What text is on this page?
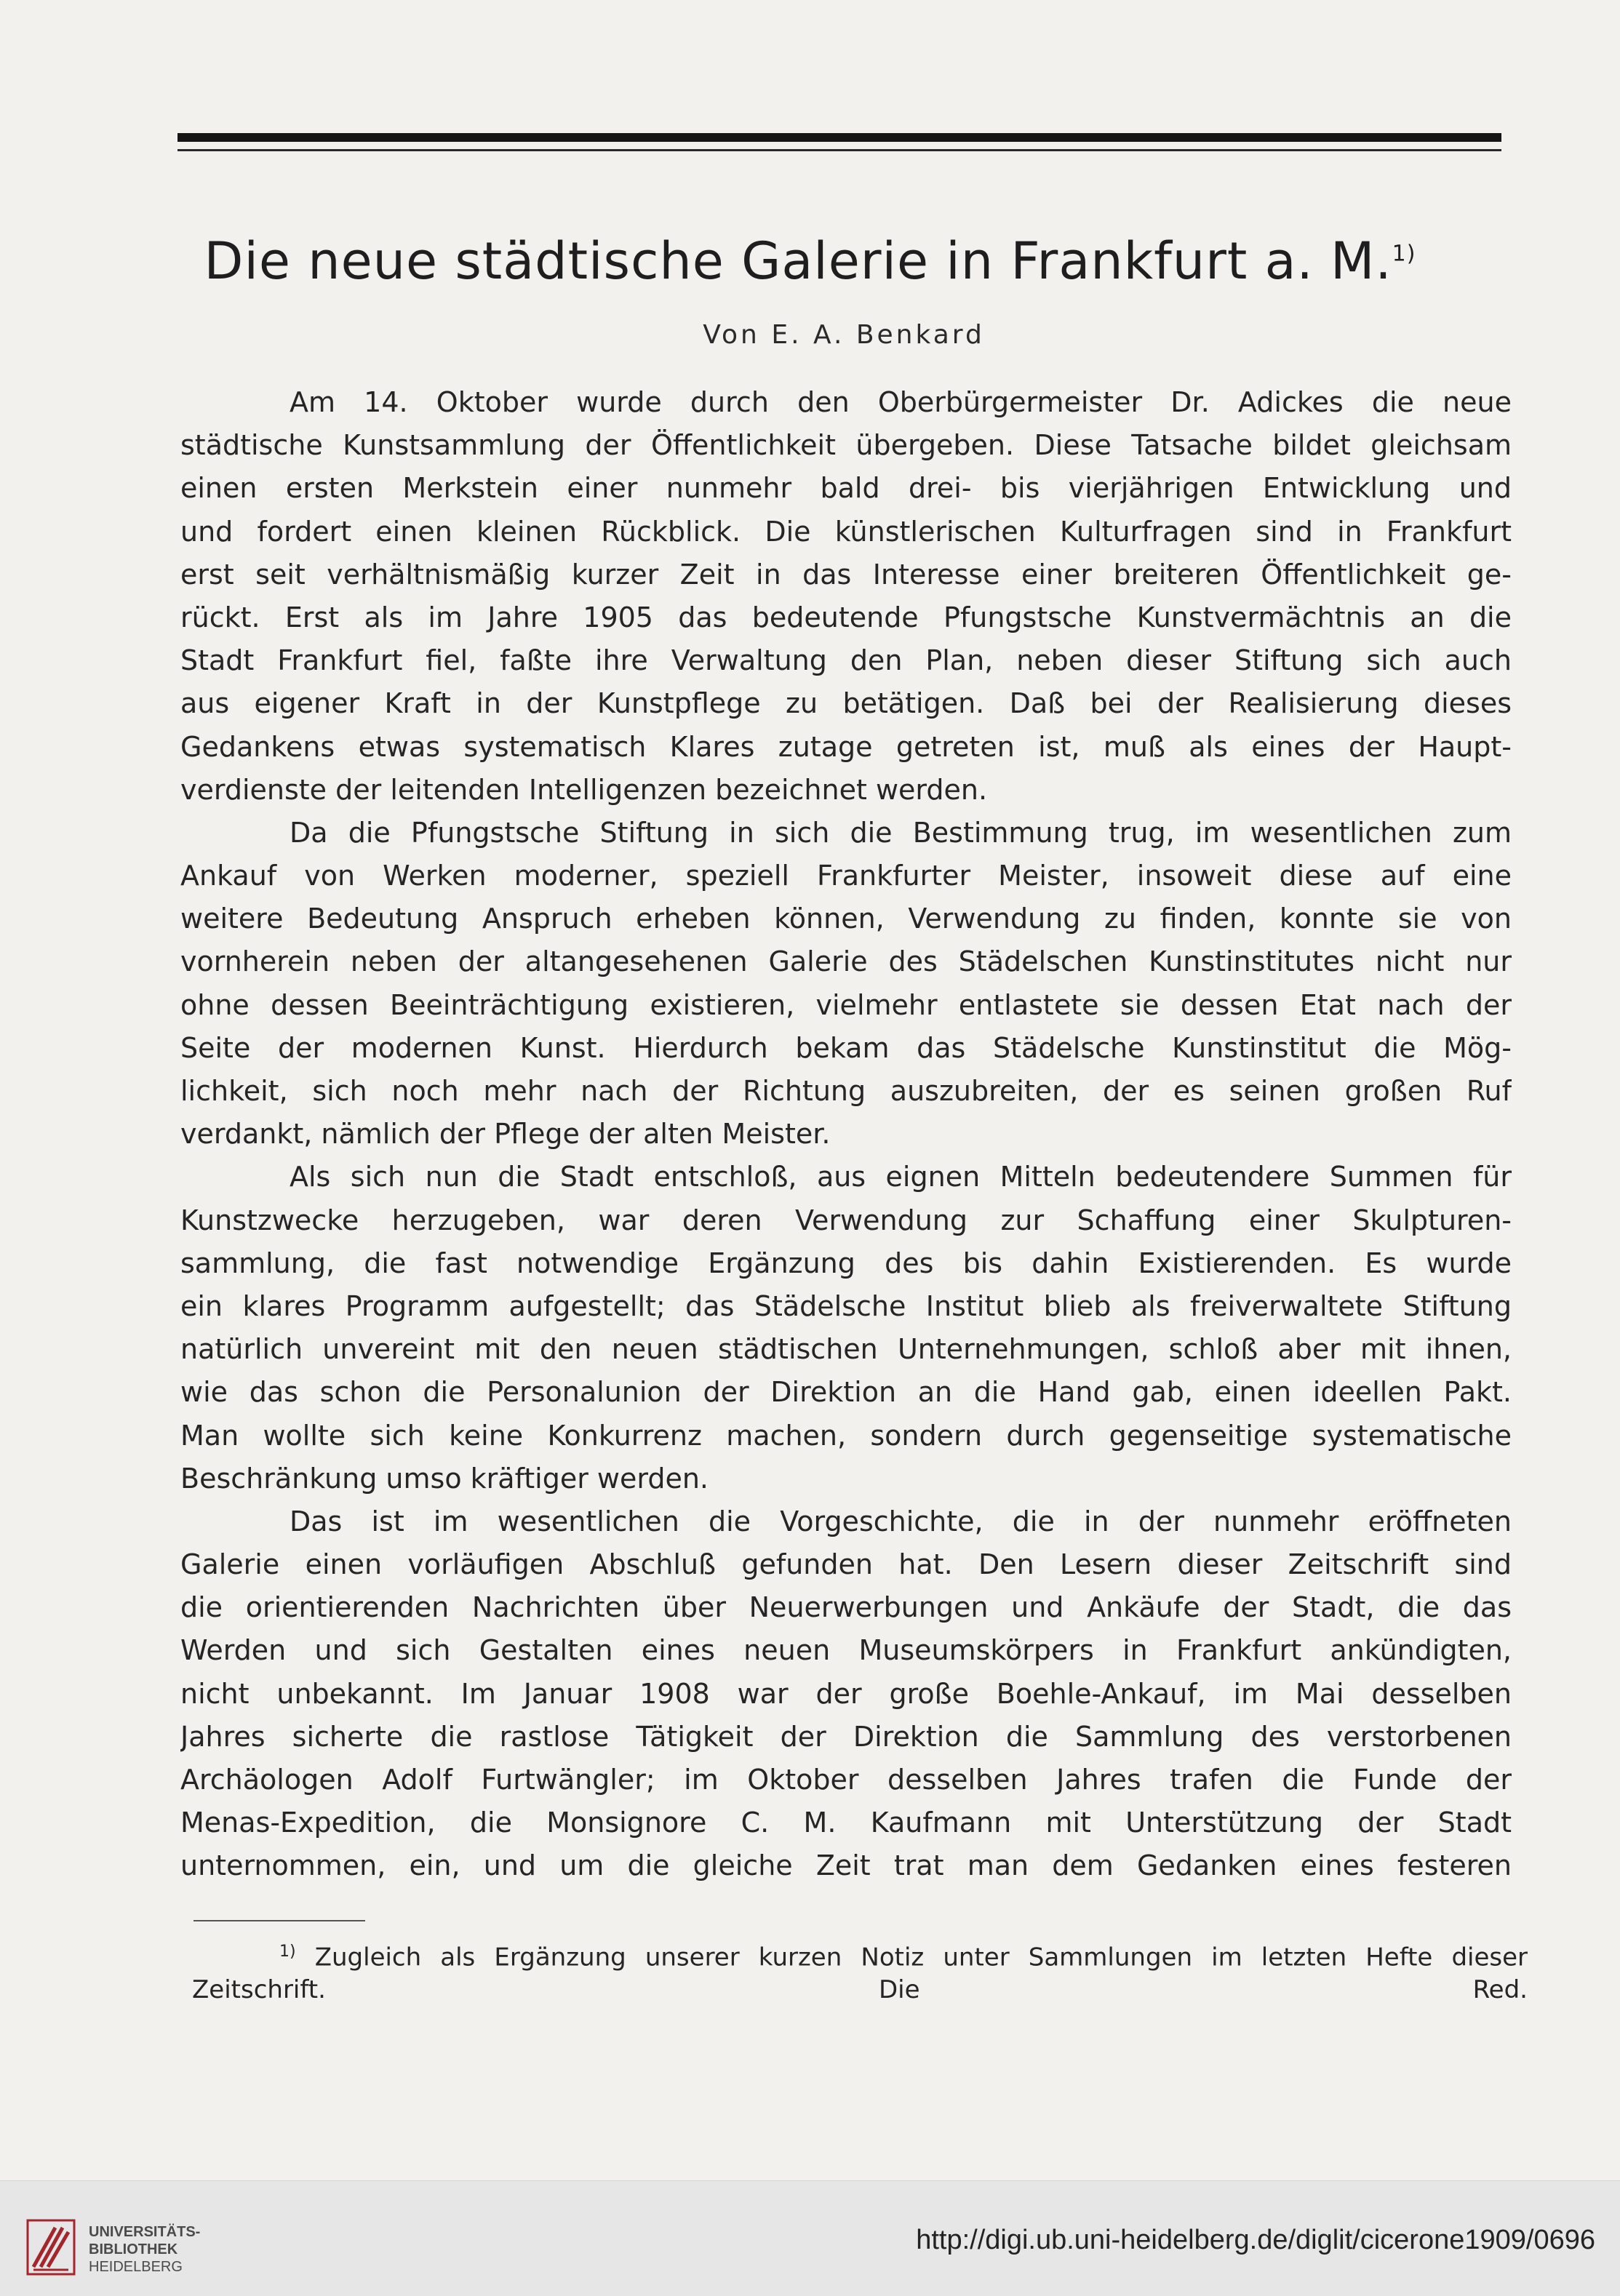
Die neue städtische Galerie in Frankfurt a. M.$^{1)}$
Von E. A. Benkard
Am 14. Oktober wurde durch den Oberbürgermeister Dr. Adickes die neue
städtische Kunstsammlung der Öffentlichkeit übergeben. Diese Tatsache bildet gleichsam
einen ersten Merkstein einer nunmehr bald drei- bis vierjährigen Entwicklung und
und fordert einen kleinen Rückblick. Die künstlerischen Kulturfragen sind in Frankfurt
erst seit verhältnismäßig kurzer Zeit in das Interesse einer breiteren Öffentlichkeit ge-
rückt. Erst als im Jahre 1905 das bedeutende Pfungstsche Kunstvermächtnis an die
Stadt Frankfurt fiel, faßte ihre Verwaltung den Plan, neben dieser Stiftung sich auch
aus eigener Kraft in der Kunstpflege zu betätigen. Daß bei der Realisierung dieses
Gedankens etwas systematisch Klares zutage getreten ist, muß als eines der Haupt-
verdienste der leitenden Intelligenzen bezeichnet werden.
Da die Pfungstsche Stiftung in sich die Bestimmung trug, im wesentlichen zum
Ankauf von Werken moderner, speziell Frankfurter Meister, insoweit diese auf eine
weitere Bedeutung Anspruch erheben können, Verwendung zu finden, konnte sie von
vornherein neben der altangesehenen Galerie des Städelschen Kunstinstitutes nicht nur
ohne dessen Beeinträchtigung existieren, vielmehr entlastete sie dessen Etat nach der
Seite der modernen Kunst. Hierdurch bekam das Städelsche Kunstinstitut die Mög-
lichkeit, sich noch mehr nach der Richtung auszubreiten, der es seinen großen Ruf
verdankt, nämlich der Pflege der alten Meister.
Als sich nun die Stadt entschloß, aus eignen Mitteln bedeutendere Summen für
Kunstzwecke herzugeben, war deren Verwendung zur Schaffung einer Skulpturen-
sammlung, die fast notwendige Ergänzung des bis dahin Existierenden. Es wurde
ein klares Programm aufgestellt; das Städelsche Institut blieb als freiverwaltete Stiftung
natürlich unvereint mit den neuen städtischen Unternehmungen, schloß aber mit ihnen,
wie das schon die Personalunion der Direktion an die Hand gab, einen ideellen Pakt.
Man wollte sich keine Konkurrenz machen, sondern durch gegenseitige systematische
Beschränkung umso kräftiger werden.
Das ist im wesentlichen die Vorgeschichte, die in der nunmehr eröffneten
Galerie einen vorläufigen Abschluß gefunden hat. Den Lesern dieser Zeitschrift sind
die orientierenden Nachrichten über Neuerwerbungen und Ankäufe der Stadt, die das
Werden und sich Gestalten eines neuen Museumskörpers in Frankfurt ankündigten,
nicht unbekannt. Im Januar 1908 war der große Boehle-Ankauf, im Mai desselben
Jahres sicherte die rastlose Tätigkeit der Direktion die Sammlung des verstorbenen
Archäologen Adolf Furtwängler; im Oktober desselben Jahres trafen die Funde der
Menas-Expedition, die Monsignore C. M. Kaufmann mit Unterstützung der Stadt
unternommen, ein, und um die gleiche Zeit trat man dem Gedanken eines festeren
$^{1)}$ Zugleich als Ergänzung unserer kurzen Notiz unter Sammlungen im letzten Hefte dieser
Zeitschrift.	Die Red.
UNIVERSITÄTS-
BIBLIOTHEK
HEIDELBERG
http://digi.ub.uni-heidelberg.de/diglit/cicerone1909/0696
